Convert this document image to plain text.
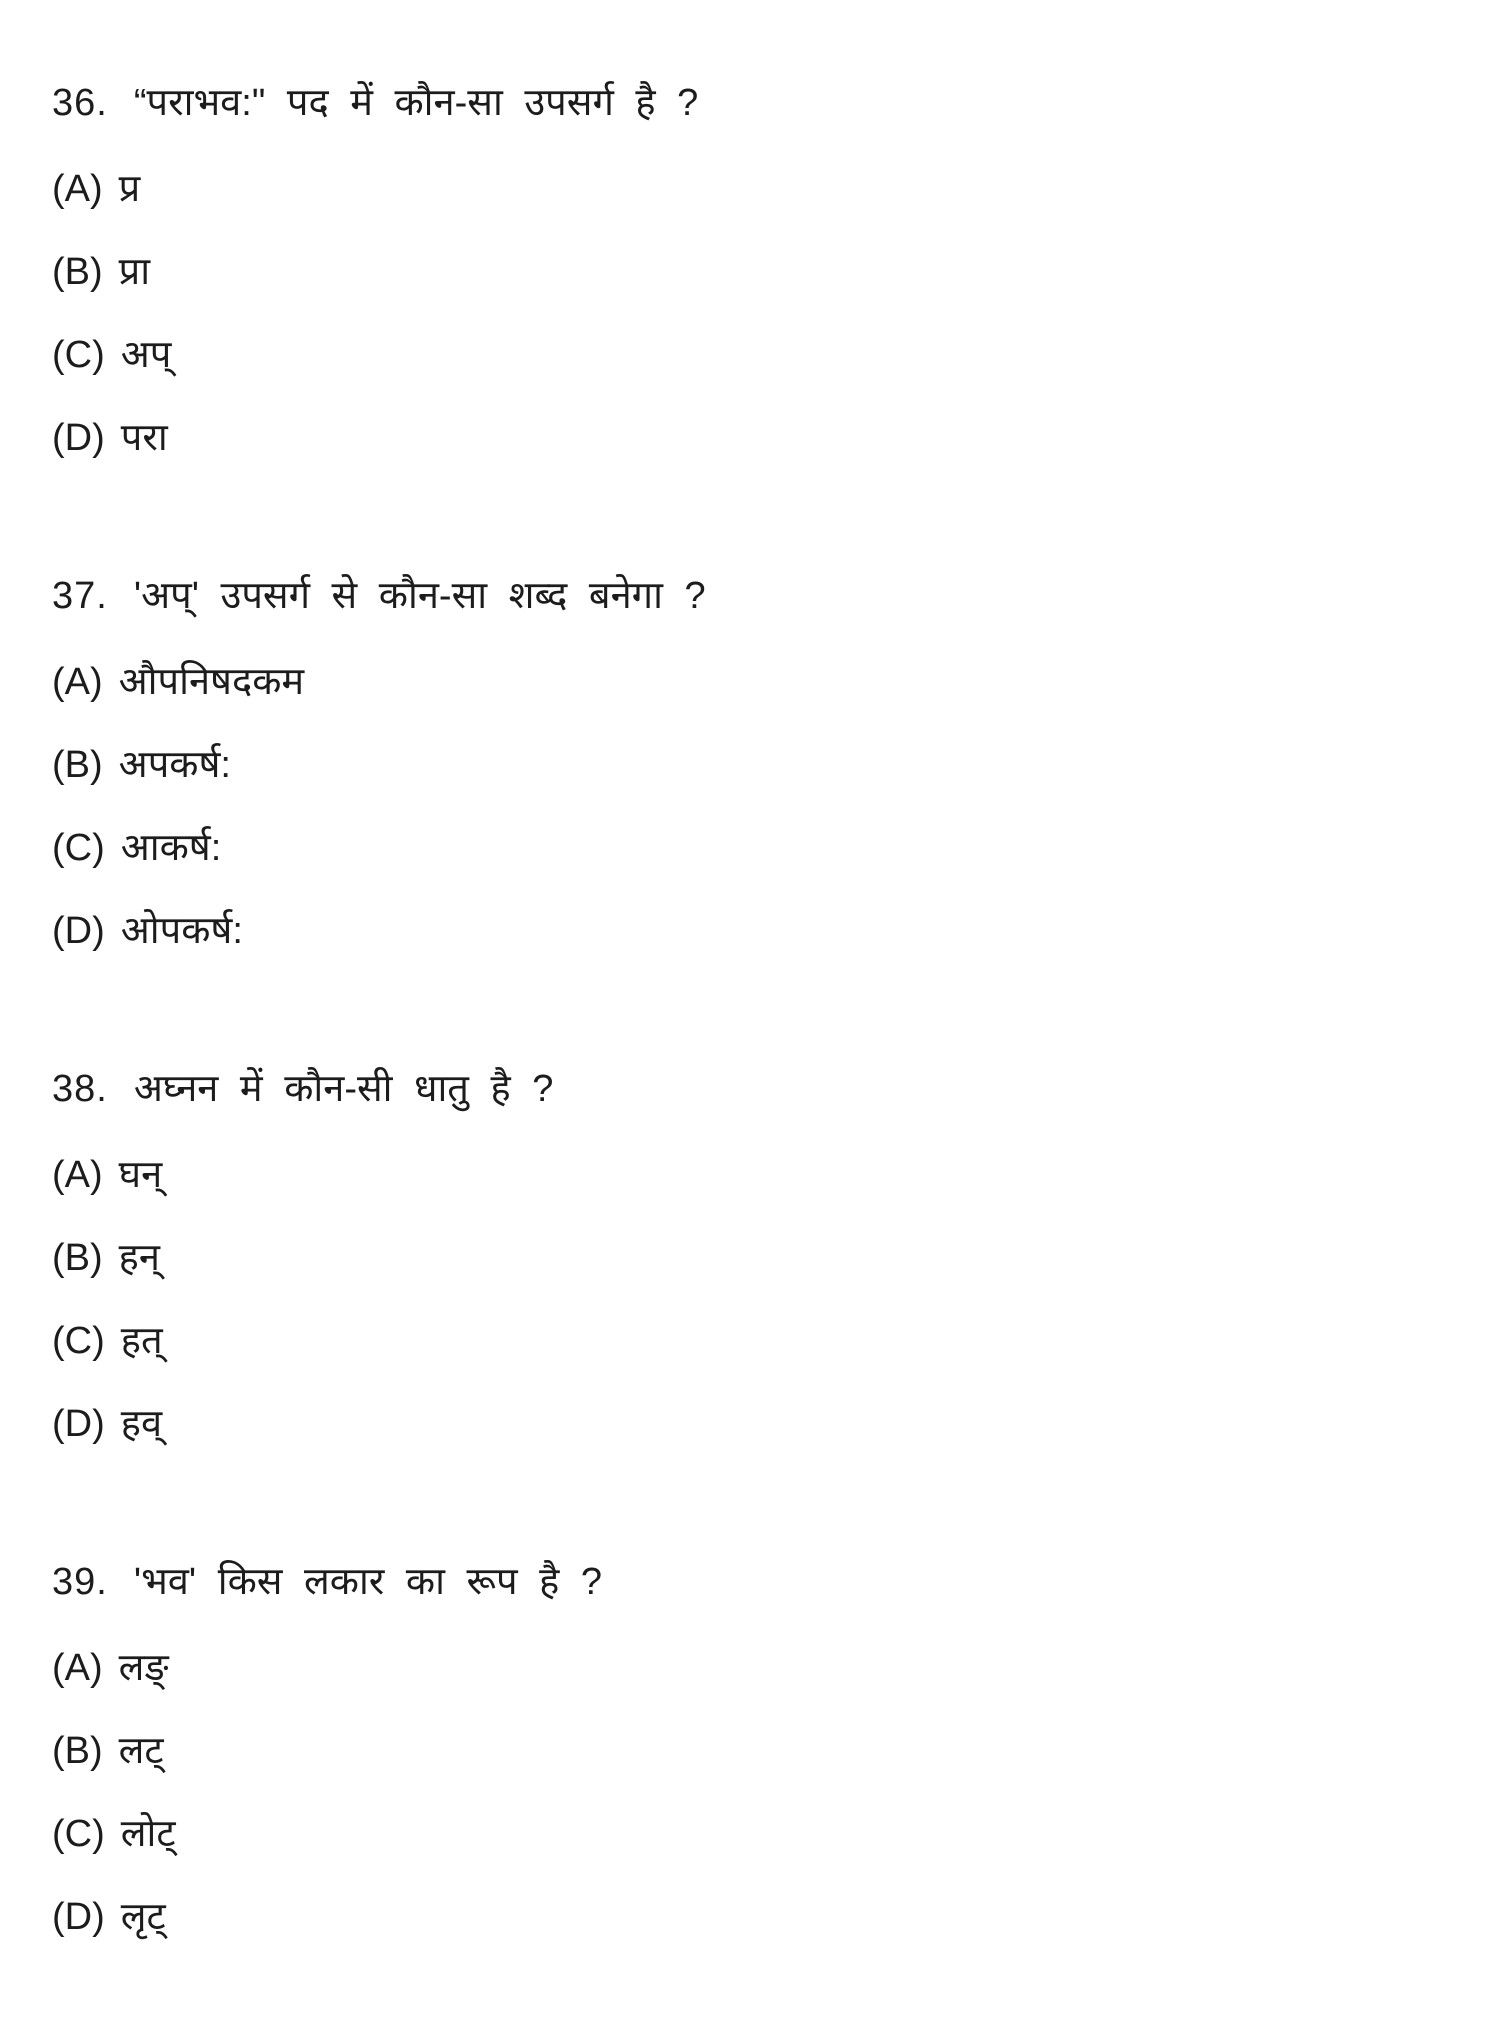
36. “पराभव:" पद में कौन-सा उपसर्ग है ?
(A) प्र
(B) प्रा
(C) अप्
(D) परा
37. 'अप्' उपसर्ग से कौन-सा शब्द बनेगा ?
(A) औपनिषदकम
(B) अपकर्ष:
(C) आकर्ष:
(D) ओपकर्ष:
38. अघ्नन में कौन-सी धातु है ?
(A) घन्
(B) हन्
(C) हत्
(D) हव्
39. 'भव' किस लकार का रूप है ?
(A) लङ्
(B) लट्
(C) लोट्
(D) लृट्
